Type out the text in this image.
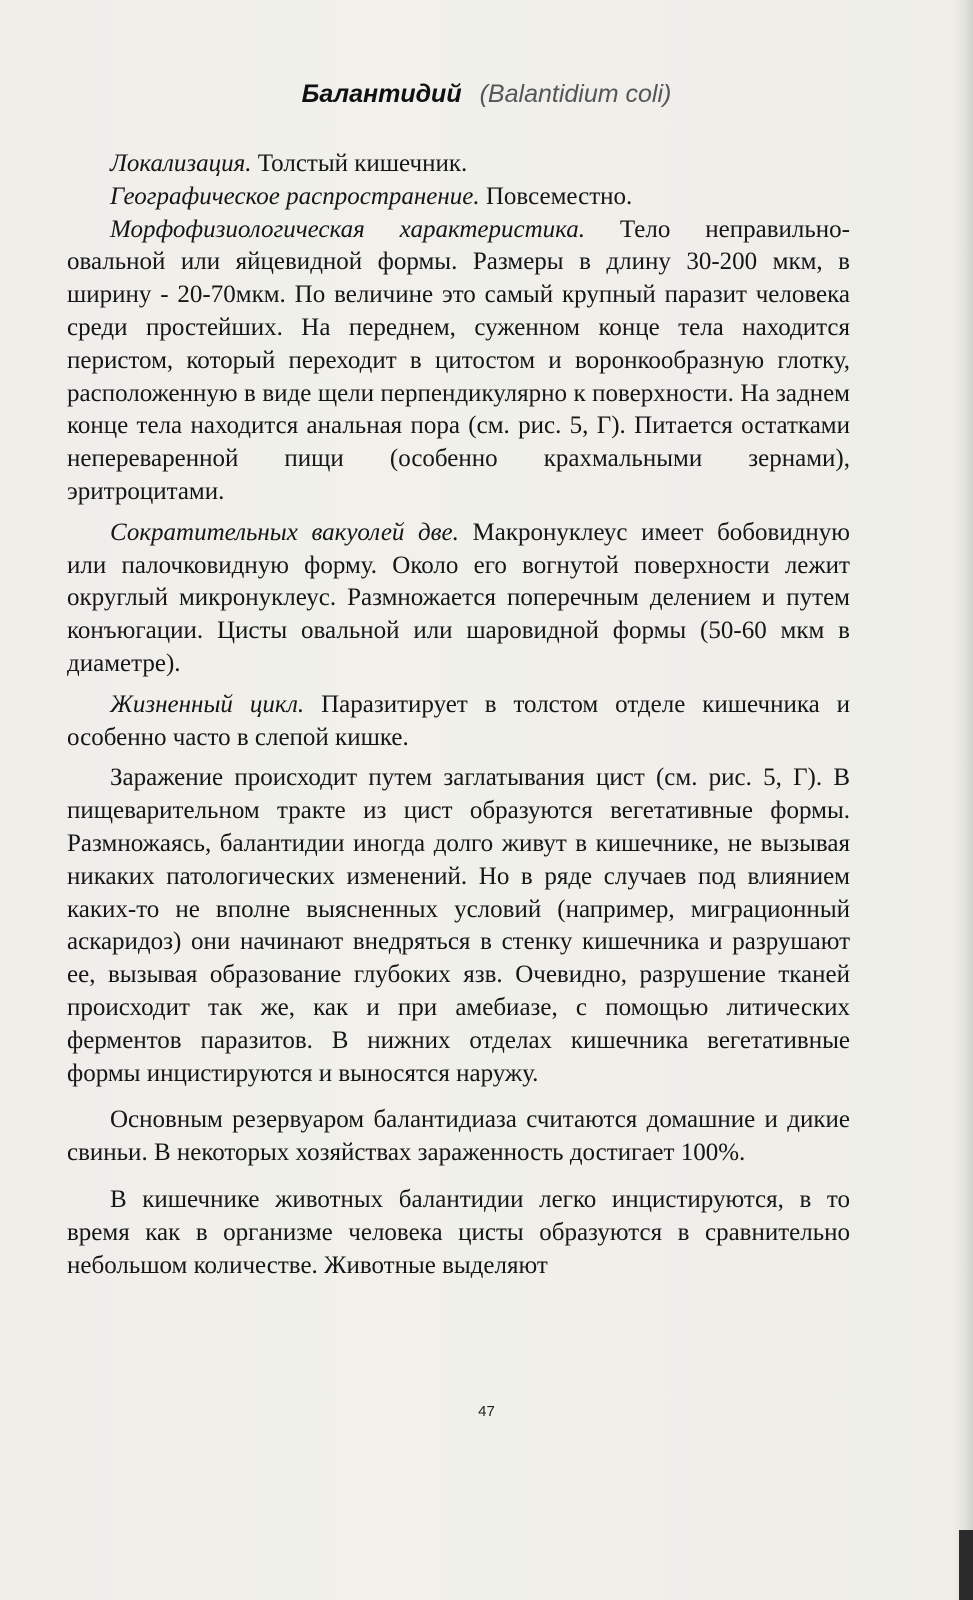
Балантидий (Balantidium coli)

Локализация. Толстый кишечник.

Географическое распространение. Повсеместно.

Морфофизиологическая характеристика. Тело неправильно-овальной или яйцевидной формы. Размеры в длину 30-200 мкм, в ширину - 20-70мкм. По величине это самый крупный паразит человека среди простейших. На переднем, суженном конце тела находится перистом, который переходит в цитостом и воронкообразную глотку, расположенную в виде щели перпендикулярно к поверхности. На заднем конце тела находится анальная пора (см. рис. 5, Г). Питается остатками непереваренной пищи (особенно крахмальными зернами), эритроцитами.

Сократительных вакуолей две. Макронуклеус имеет бобовидную или палочковидную форму. Около его вогнутой поверхности лежит округлый микронуклеус. Размножается поперечным делением и путем конъюгации. Цисты овальной или шаровидной формы (50-60 мкм в диаметре).

Жизненный цикл. Паразитирует в толстом отделе кишечника и особенно часто в слепой кишке.

Заражение происходит путем заглатывания цист (см. рис. 5, Г). В пищеварительном тракте из цист образуются вегетативные формы. Размножаясь, балантидии иногда долго живут в кишечнике, не вызывая никаких патологических изменений. Но в ряде случаев под влиянием каких-то не вполне выясненных условий (например, миграционный аскаридоз) они начинают внедряться в стенку кишечника и разрушают ее, вызывая образование глубоких язв. Очевидно, разрушение тканей происходит так же, как и при амебиазе, с помощью литических ферментов паразитов. В нижних отделах кишечника вегетативные формы инцистируются и выносятся наружу.

Основным резервуаром балантидиаза считаются домашние и дикие свиньи. В некоторых хозяйствах зараженность достигает 100%.

В кишечнике животных балантидии легко инцистируются, в то время как в организме человека цисты образуются в сравнительно небольшом количестве. Животные выделяют

47
